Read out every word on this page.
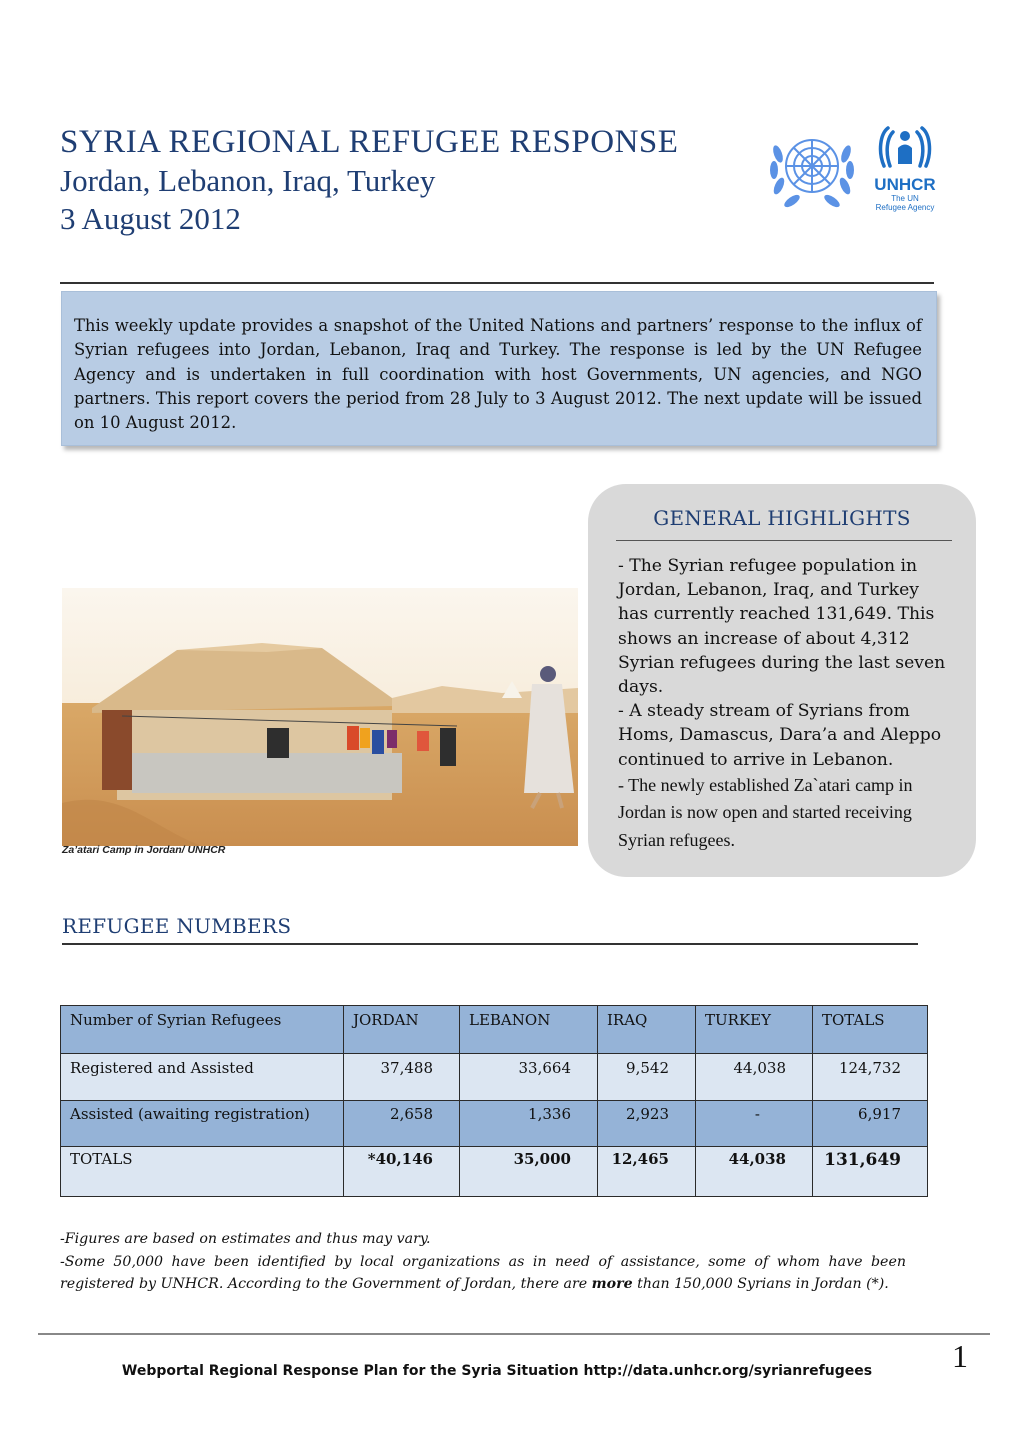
SYRIA REGIONAL REFUGEE RESPONSE
Jordan, Lebanon, Iraq, Turkey
3 August 2012
UNHCR
The UN
Refugee Agency
This weekly update provides a snapshot of the United Nations and partners’ response to the influx of Syrian refugees into Jordan, Lebanon, Iraq and Turkey. The response is led by the UN Refugee Agency and is undertaken in full coordination with host Governments, UN agencies, and NGO partners. This report covers the period from 28 July to 3 August 2012. The next update will be issued on 10 August 2012.
Za’atari Camp in Jordan/ UNHCR
GENERAL HIGHLIGHTS
- The Syrian refugee population in Jordan, Lebanon, Iraq, and Turkey has currently reached 131,649. This shows an increase of about 4,312 Syrian refugees during the last seven days.
- A steady stream of Syrians from Homs, Damascus, Dara’a and Aleppo continued to arrive in Lebanon.
- The newly established Za`atari camp in Jordan is now open and started receiving Syrian refugees.
REFUGEE NUMBERS
Number of Syrian Refugees	JORDAN	LEBANON	IRAQ	TURKEY	TOTALS
Registered and Assisted	37,488	33,664	9,542	44,038	124,732
Assisted (awaiting registration)	2,658	1,336	2,923	-	6,917
TOTALS	*40,146	35,000	12,465	44,038	131,649
-Figures are based on estimates and thus may vary.
-Some 50,000 have been identified by local organizations as in need of assistance, some of whom have been registered by UNHCR. According to the Government of Jordan, there are more than 150,000 Syrians in Jordan (*).
1
Webportal Regional Response Plan for the Syria Situation http://data.unhcr.org/syrianrefugees
